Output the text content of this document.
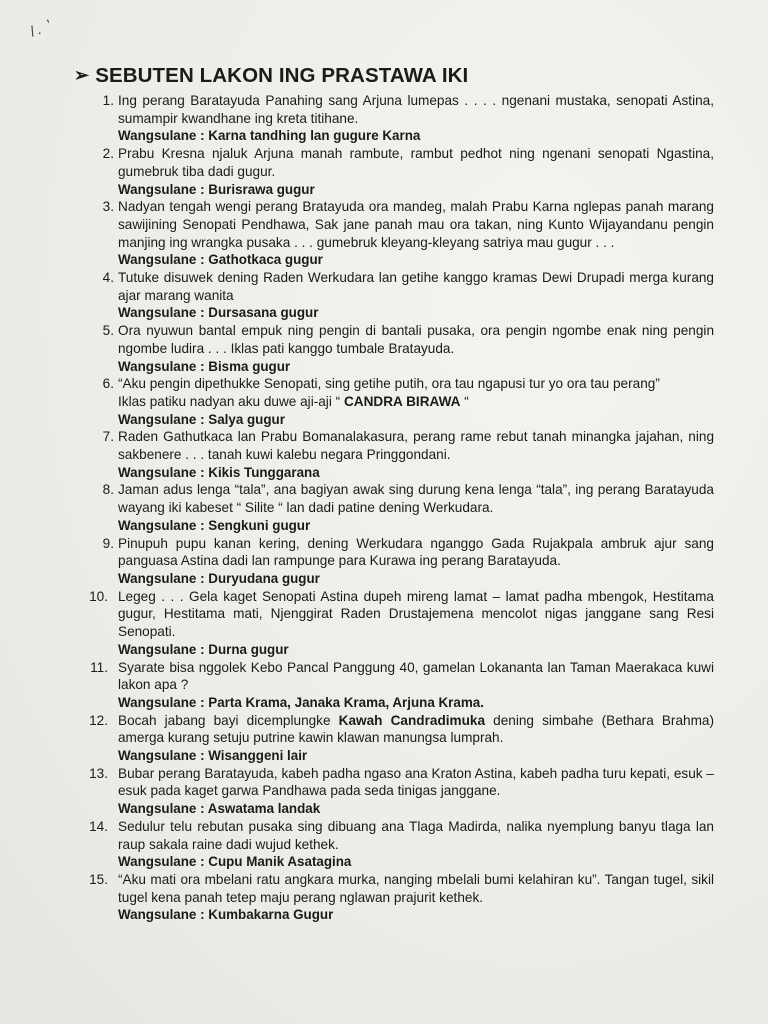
/. ʼ
➢ SEBUTEN LAKON ING PRASTAWA IKI
1. Ing perang Baratayuda Panahing sang Arjuna lumepas . . . . ngenani mustaka, senopati Astina, sumampir kwandhane ing kreta titihane.
Wangsulane : Karna tandhing lan gugure Karna
2. Prabu Kresna njaluk Arjuna manah rambute, rambut pedhot ning ngenani senopati Ngastina, gumebruk tiba dadi gugur.
Wangsulane : Burisrawa gugur
3. Nadyan tengah wengi perang Bratayuda ora mandeg, malah Prabu Karna nglepas panah marang sawijining Senopati Pendhawa, Sak jane panah mau ora takan, ning Kunto Wijayandanu pengin manjing ing wrangka pusaka . . . gumebruk kleyang-kleyang satriya mau gugur . . .
Wangsulane : Gathotkaca gugur
4. Tutuke disuwek dening Raden Werkudara lan getihe kanggo kramas Dewi Drupadi merga kurang ajar marang wanita
Wangsulane : Dursasana gugur
5. Ora nyuwun bantal empuk ning pengin di bantali pusaka, ora pengin ngombe enak ning pengin ngombe ludira . . . Iklas pati kanggo tumbale Bratayuda.
Wangsulane : Bisma gugur
6. “Aku pengin dipethukke Senopati, sing getihe putih, ora tau ngapusi tur yo ora tau perang”
Iklas patiku nadyan aku duwe aji-aji “ CANDRA BIRAWA “
Wangsulane : Salya gugur
7. Raden Gathutkaca lan Prabu Bomanalakasura, perang rame rebut tanah minangka jajahan, ning sakbenere . . . tanah kuwi kalebu negara Pringgondani.
Wangsulane : Kikis Tunggarana
8. Jaman adus lenga “tala”, ana bagiyan awak sing durung kena lenga “tala”, ing perang Baratayuda wayang iki kabeset “ Silite “ lan dadi patine dening Werkudara.
Wangsulane : Sengkuni gugur
9. Pinupuh pupu kanan kering, dening Werkudara nganggo Gada Rujakpala ambruk ajur sang panguasa Astina dadi lan rampunge para Kurawa ing perang Baratayuda.
Wangsulane : Duryudana gugur
10. Legeg . . . Gela kaget Senopati Astina dupeh mireng lamat – lamat padha mbengok, Hestitama gugur, Hestitama mati, Njenggirat Raden Drustajemena mencolot nigas janggane sang Resi Senopati.
Wangsulane : Durna gugur
11. Syarate bisa nggolek Kebo Pancal Panggung 40, gamelan Lokananta lan Taman Maerakaca kuwi lakon apa ?
Wangsulane : Parta Krama, Janaka Krama, Arjuna Krama.
12. Bocah jabang bayi dicemplungke Kawah Candradimuka dening simbahe (Bethara Brahma) amerga kurang setuju putrine kawin klawan manungsa lumprah.
Wangsulane : Wisanggeni lair
13. Bubar perang Baratayuda, kabeh padha ngaso ana Kraton Astina, kabeh padha turu kepati, esuk – esuk pada kaget garwa Pandhawa pada seda tinigas janggane.
Wangsulane : Aswatama landak
14. Sedulur telu rebutan pusaka sing dibuang ana Tlaga Madirda, nalika nyemplung banyu tlaga lan raup sakala raine dadi wujud kethek.
Wangsulane : Cupu Manik Asatagina
15. “Aku mati ora mbelani ratu angkara murka, nanging mbelali bumi kelahiran ku”. Tangan tugel, sikil tugel kena panah tetep maju perang nglawan prajurit kethek.
Wangsulane : Kumbakarna Gugur
